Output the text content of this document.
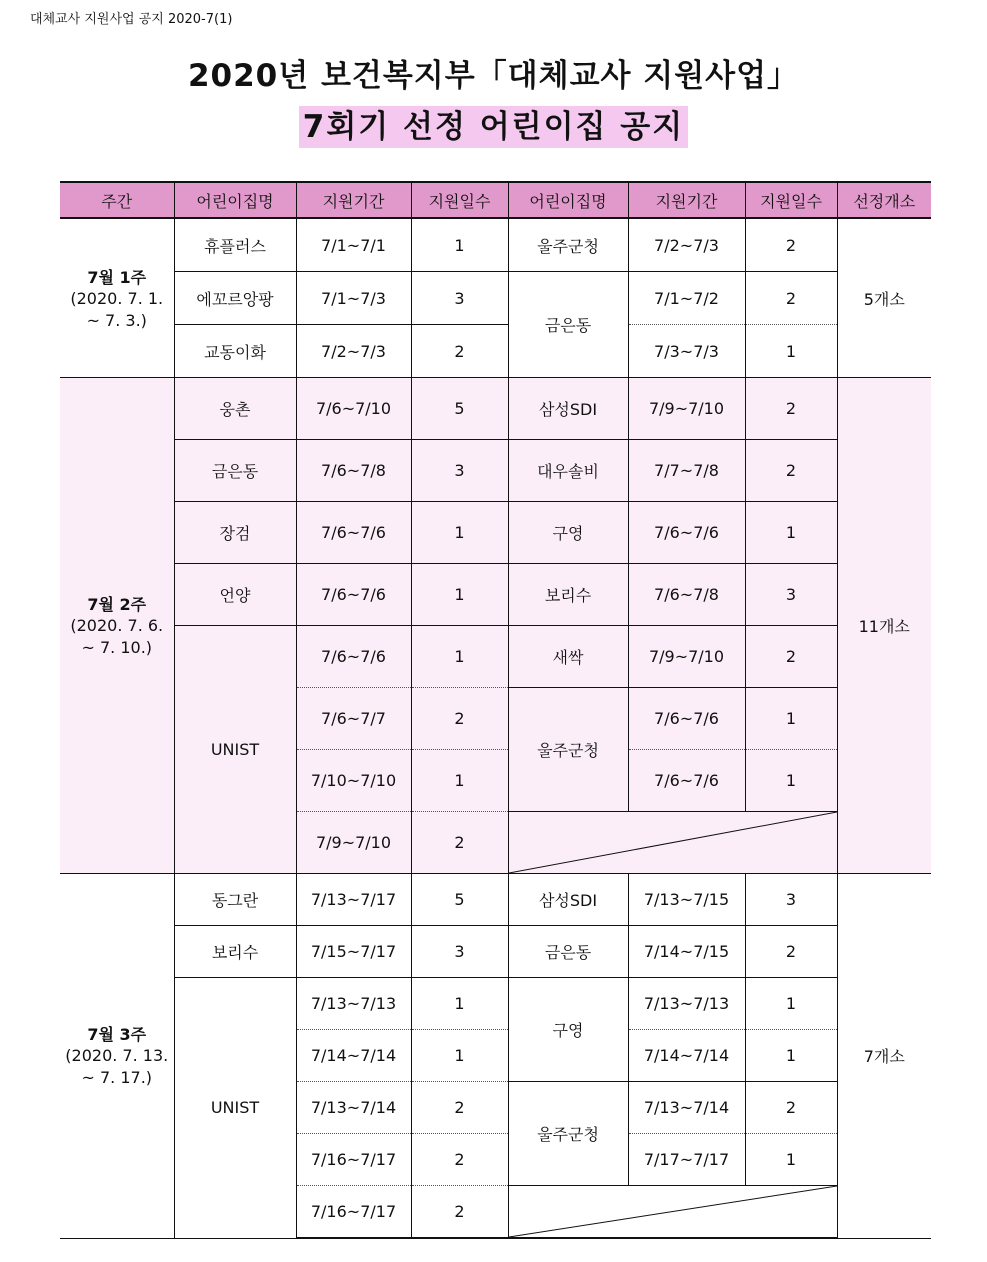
대체교사 지원사업 공지 2020-7(1)
2020년 보건복지부「대체교사 지원사업」
7회기 선정 어린이집 공지
주간	어린이집명	지원기간	지원일수	어린이집명	지원기간	지원일수	선정개소

7월 1주
(2020. 7. 1.
~ 7. 3.)	휴플러스	7/1~7/1	1	울주군청	7/2~7/3	2	5개소
	에꼬르앙팡	7/1~7/3	3	금은동	7/1~7/2	2	
	교동이화	7/2~7/3	2		7/3~7/3	1	

7월 2주
(2020. 7. 6.
~ 7. 10.)	웅촌	7/6~7/10	5	삼성SDI	7/9~7/10	2	11개소
	금은동	7/6~7/8	3	대우솔비	7/7~7/8	2	
	장검	7/6~7/6	1	구영	7/6~7/6	1	
	언양	7/6~7/6	1	보리수	7/6~7/8	3	
	UNIST	7/6~7/6	1	새싹	7/9~7/10	2	
		7/6~7/7	2	울주군청	7/6~7/6	1	
		7/10~7/10	1		7/6~7/6	1	
		7/9~7/10	2	

7월 3주
(2020. 7. 13.
~ 7. 17.)	동그란	7/13~7/17	5	삼성SDI	7/13~7/15	3	7개소
	보리수	7/15~7/17	3	금은동	7/14~7/15	2	
	UNIST	7/13~7/13	1	구영	7/13~7/13	1	
		7/14~7/14	1		7/14~7/14	1	
		7/13~7/14	2	울주군청	7/13~7/14	2	
		7/16~7/17	2		7/17~7/17	1	
		7/16~7/17	2	
